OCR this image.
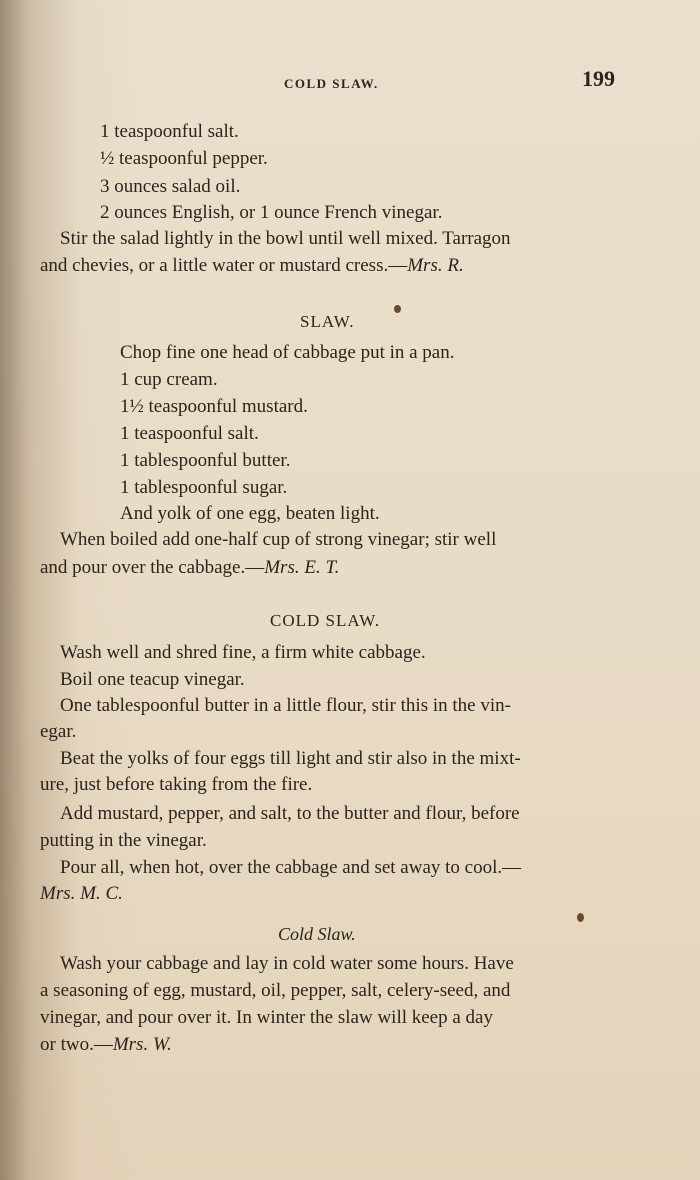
COLD SLAW.	199
1 teaspoonful salt.
½ teaspoonful pepper.
3 ounces salad oil.
2 ounces English, or 1 ounce French vinegar.
Stir the salad lightly in the bowl until well mixed. Tarragon
and chevies, or a little water or mustard cress.—Mrs. R.
SLAW.
Chop fine one head of cabbage put in a pan.
1 cup cream.
1½ teaspoonful mustard.
1 teaspoonful salt.
1 tablespoonful butter.
1 tablespoonful sugar.
And yolk of one egg, beaten light.
When boiled add one-half cup of strong vinegar; stir well
and pour over the cabbage.—Mrs. E. T.
COLD SLAW.
Wash well and shred fine, a firm white cabbage.
Boil one teacup vinegar.
One tablespoonful butter in a little flour, stir this in the vin-
egar.
Beat the yolks of four eggs till light and stir also in the mixt-
ure, just before taking from the fire.
Add mustard, pepper, and salt, to the butter and flour, before
putting in the vinegar.
Pour all, when hot, over the cabbage and set away to cool.—
Mrs. M. C.
Cold Slaw.
Wash your cabbage and lay in cold water some hours. Have
a seasoning of egg, mustard, oil, pepper, salt, celery-seed, and
vinegar, and pour over it. In winter the slaw will keep a day
or two.—Mrs. W.
